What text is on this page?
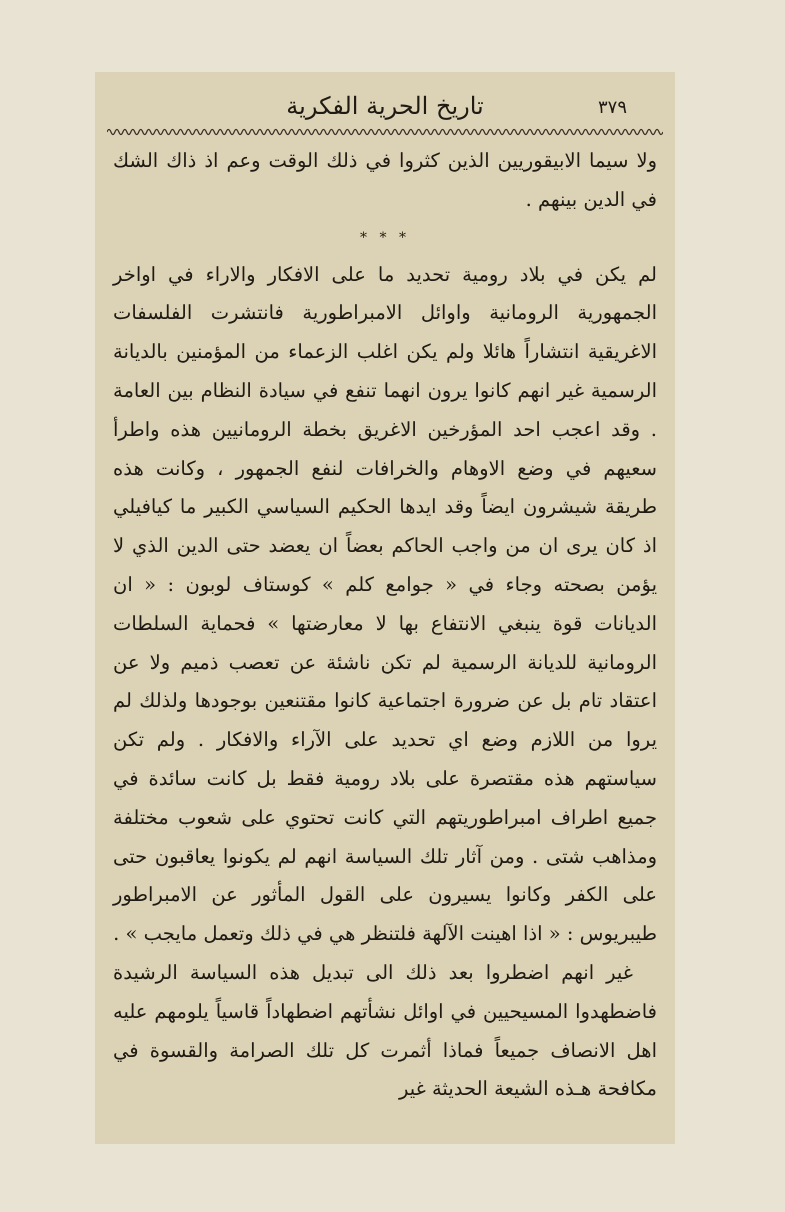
تاريخ الحرية الفكرية	٣٧٩

ولا سيما الابيقوريين الذين كثروا في ذلك الوقت وعم اذ ذاك الشك في الدين بينهم .

* * *

لم يكن في بلاد رومية تحديد ما على الافكار والاراء في اواخر الجمهورية الرومانية واوائل الامبراطورية فانتشرت الفلسفات الاغريقية انتشاراً هائلا ولم يكن اغلب الزعماء من المؤمنين بالديانة الرسمية غير انهم كانوا يرون انهما تنفع في سيادة النظام بين العامة . وقد اعجب احد المؤرخين الاغريق بخطة الرومانيين هذه واطرأ سعيهم في وضع الاوهام والخرافات لنفع الجمهور ، وكانت هذه طريقة شيشرون ايضاً وقد ايدها الحكيم السياسي الكبير ما كيافيلي اذ كان يرى ان من واجب الحاكم بعضاً ان يعضد حتى الدين الذي لا يؤمن بصحته وجاء في « جوامع كلم » كوستاف لوبون : « ان الديانات قوة ينبغي الانتفاع بها لا معارضتها » فحماية السلطات الرومانية للديانة الرسمية لم تكن ناشئة عن تعصب ذميم ولا عن اعتقاد تام بل عن ضرورة اجتماعية كانوا مقتنعين بوجودها ولذلك لم يروا من اللازم وضع اي تحديد على الآراء والافكار . ولم تكن سياستهم هذه مقتصرة على بلاد رومية فقط بل كانت سائدة في جميع اطراف امبراطوريتهم التي كانت تحتوي على شعوب مختلفة ومذاهب شتى . ومن آثار تلك السياسة انهم لم يكونوا يعاقبون حتى على الكفر وكانوا يسيرون على القول المأثور عن الامبراطور طيبريوس : « اذا اهينت الآلهة فلتنظر هي في ذلك وتعمل مايجب » .

غير انهم اضطروا بعد ذلك الى تبديل هذه السياسة الرشيدة فاضطهدوا المسيحيين في اوائل نشأتهم اضطهاداً قاسياً يلومهم عليه اهل الانصاف جميعاً فماذا أثمرت كل تلك الصرامة والقسوة في مكافحة هـذه الشيعة الحديثة غير
